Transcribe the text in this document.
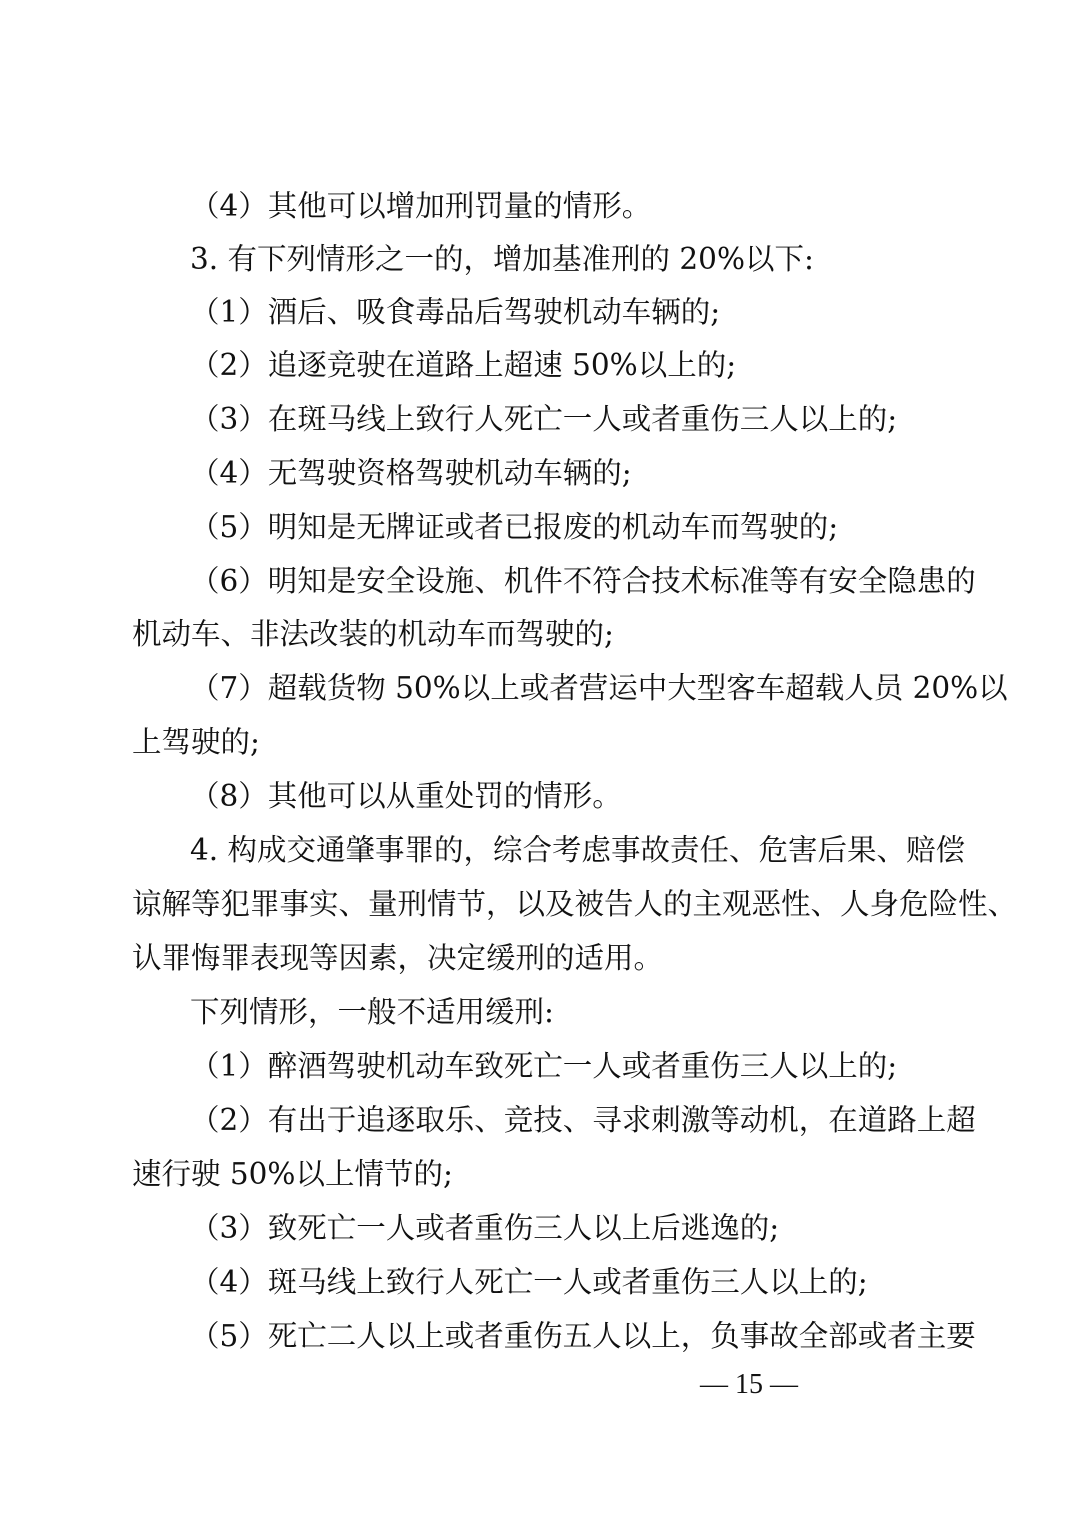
（4）其他可以增加刑罚量的情形。
3. 有下列情形之一的，增加基准刑的 20%以下:
（1）酒后、吸食毒品后驾驶机动车辆的;
（2）追逐竞驶在道路上超速 50%以上的;
（3）在斑马线上致行人死亡一人或者重伤三人以上的;
（4）无驾驶资格驾驶机动车辆的;
（5）明知是无牌证或者已报废的机动车而驾驶的;
（6）明知是安全设施、机件不符合技术标准等有安全隐患的
机动车、非法改装的机动车而驾驶的;
（7）超载货物 50%以上或者营运中大型客车超载人员 20%以
上驾驶的;
（8）其他可以从重处罚的情形。
4. 构成交通肇事罪的，综合考虑事故责任、危害后果、赔偿
谅解等犯罪事实、量刑情节，以及被告人的主观恶性、人身危险性、
认罪悔罪表现等因素，决定缓刑的适用。
下列情形，一般不适用缓刑:
（1）醉酒驾驶机动车致死亡一人或者重伤三人以上的;
（2）有出于追逐取乐、竞技、寻求刺激等动机，在道路上超
速行驶 50%以上情节的;
（3）致死亡一人或者重伤三人以上后逃逸的;
（4）斑马线上致行人死亡一人或者重伤三人以上的;
（5）死亡二人以上或者重伤五人以上，负事故全部或者主要
— 15 —
